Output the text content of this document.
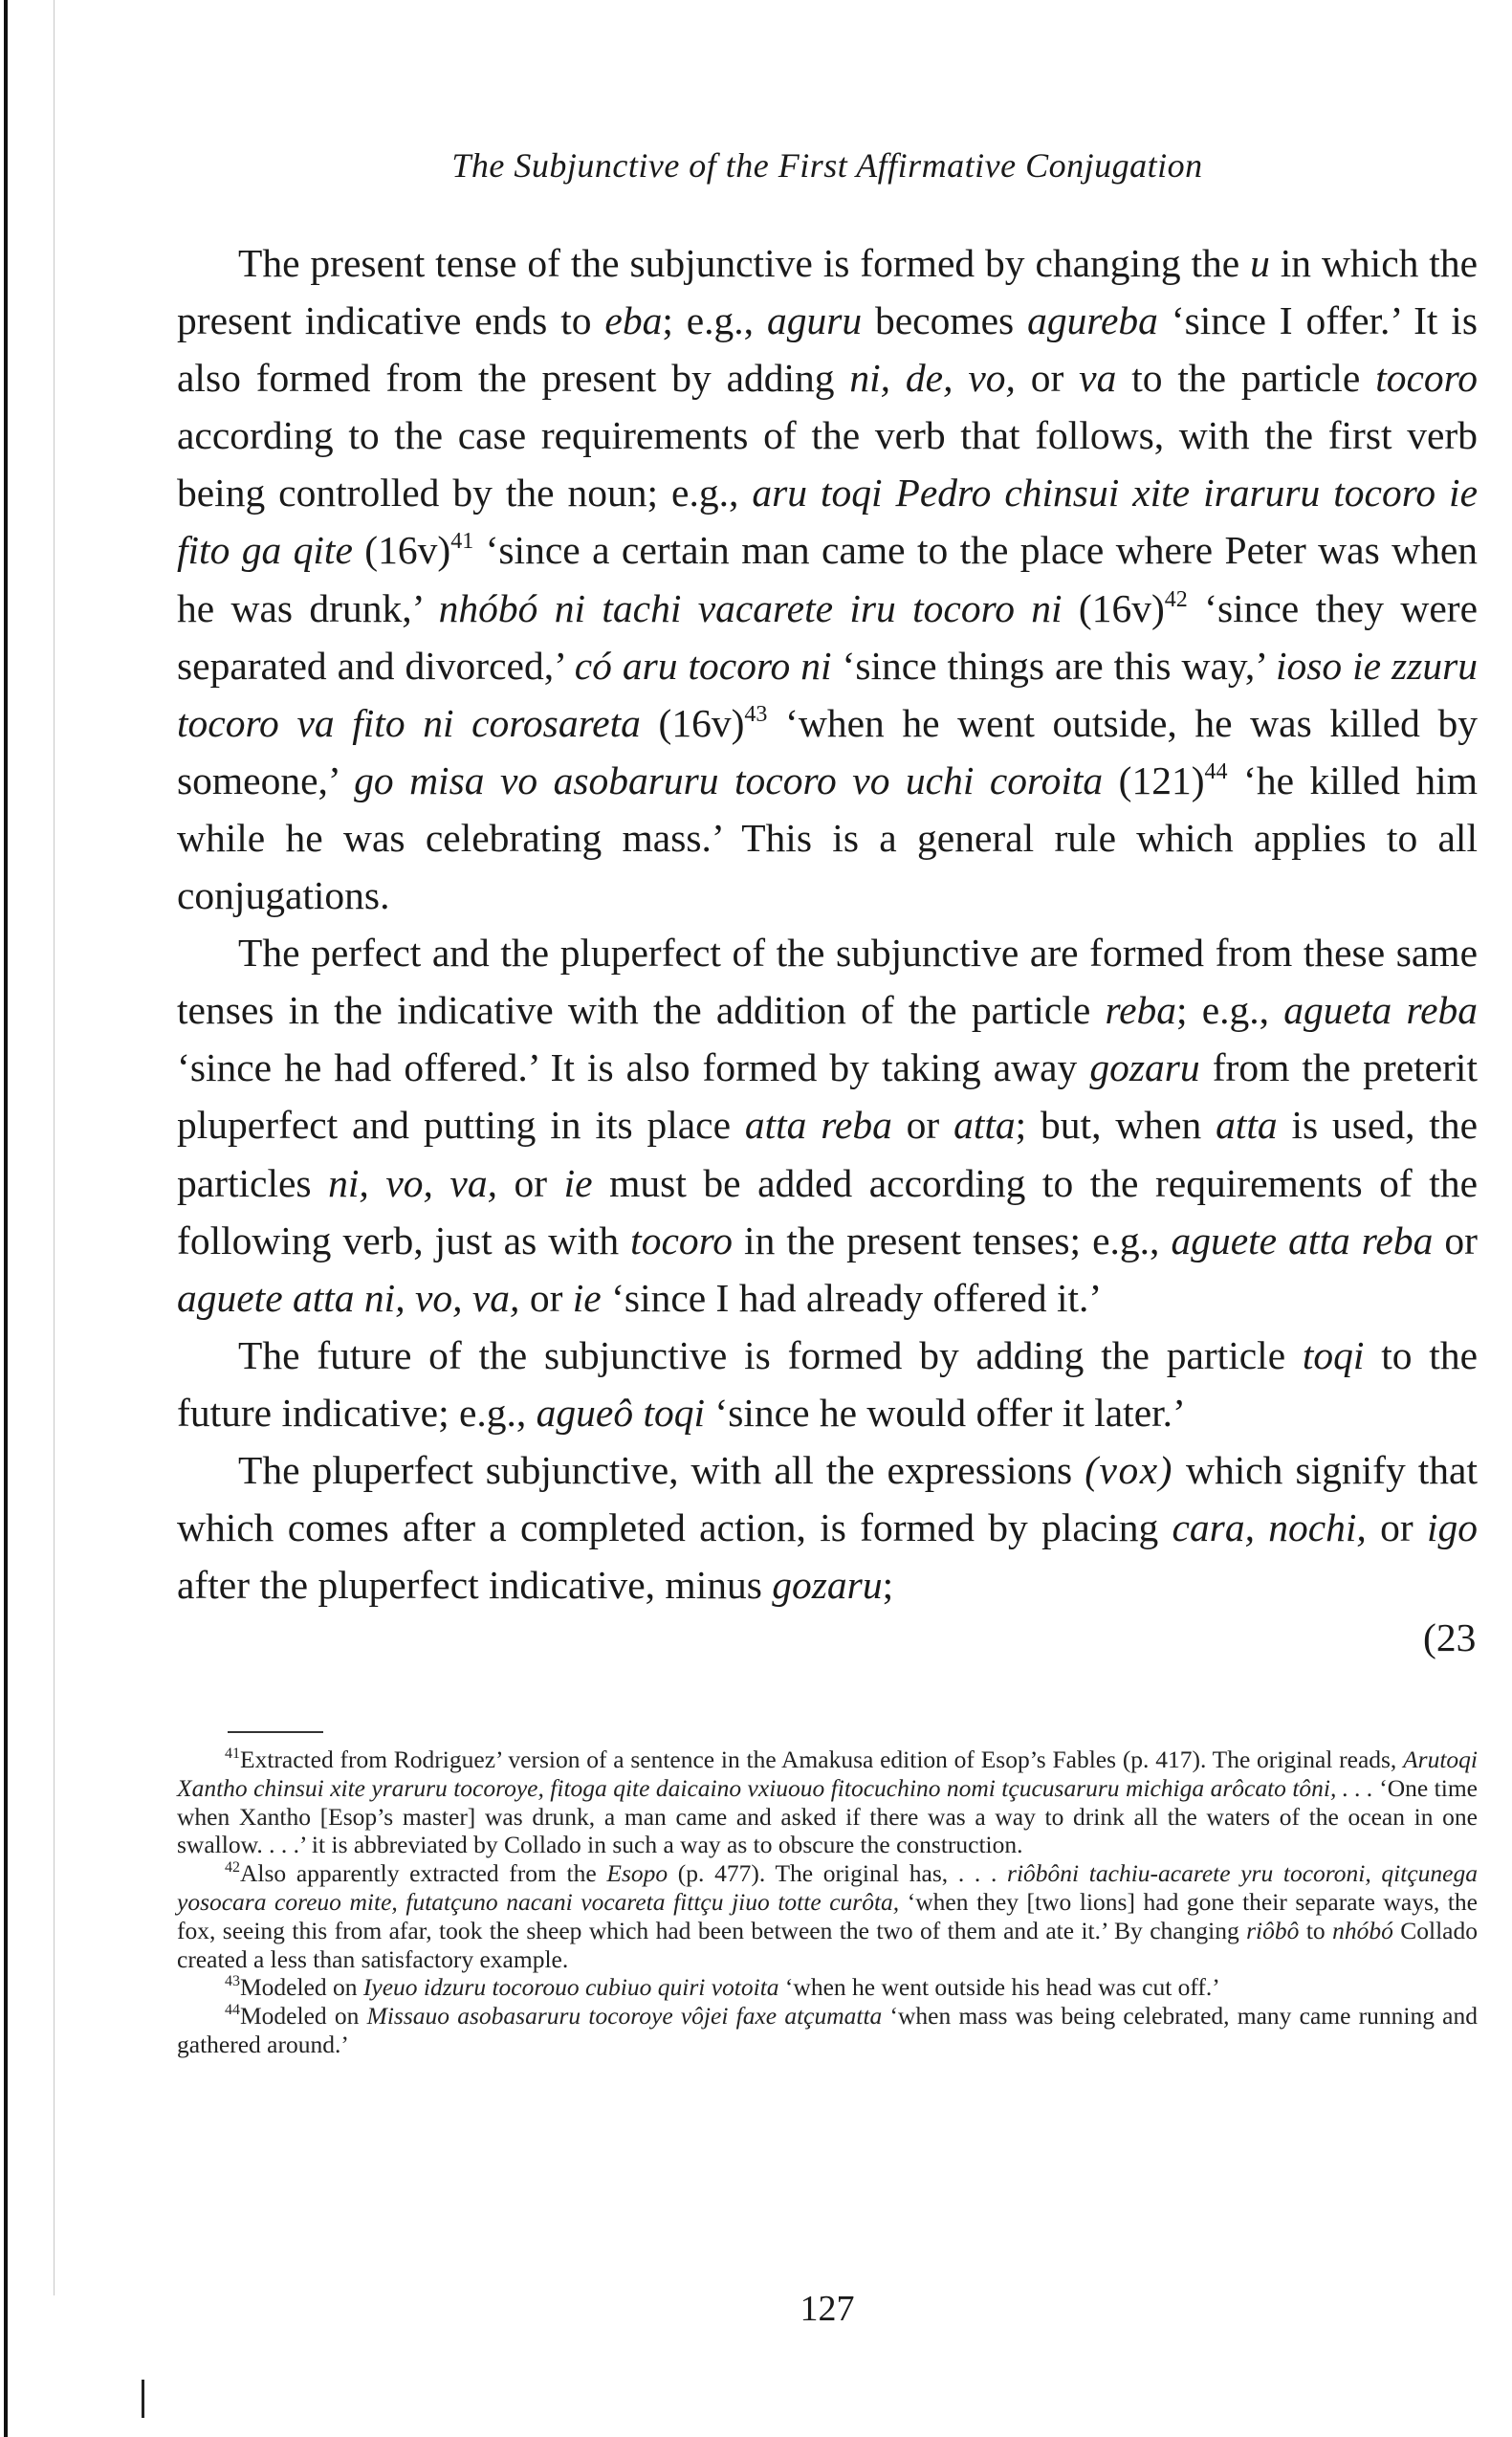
The Subjunctive of the First Affirmative Conjugation

The present tense of the subjunctive is formed by changing the u in which the present indicative ends to eba; e.g., aguru becomes agureba ‘since I offer.’ It is also formed from the present by adding ni, de, vo, or va to the particle tocoro according to the case requirements of the verb that follows, with the first verb being controlled by the noun; e.g., aru toqi Pedro chinsui xite iraruru tocoro ie fito ga qite $(16v)^{41}$ ‘since a certain man came to the place where Peter was when he was drunk,’ nhóbó ni tachi vacarete iru tocoro ni $(16v)^{42}$ ‘since they were separated and divorced,’ có aru tocoro ni ‘since things are this way,’ ioso ie zzuru tocoro va fito ni corosareta $(16v)^{43}$ ‘when he went outside, he was killed by someone,’ go misa vo asobaruru tocoro vo uchi coroita $(121)^{44}$ ‘he killed him while he was celebrating mass.’ This is a general rule which applies to all conjugations.

The perfect and the pluperfect of the subjunctive are formed from these same tenses in the indicative with the addition of the particle reba; e.g., agueta reba ‘since he had offered.’ It is also formed by taking away gozaru from the preterit pluperfect and putting in its place atta reba or atta; but, when atta is used, the particles ni, vo, va, or ie must be added according to the requirements of the following verb, just as with tocoro in the present tenses; e.g., aguete atta reba or aguete atta ni, vo, va, or ie ‘since I had already offered it.’

The future of the subjunctive is formed by adding the particle toqi to the future indicative; e.g., agueô toqi ‘since he would offer it later.’

The pluperfect subjunctive, with all the expressions (vox) which signify that which comes after a completed action, is formed by placing cara, nochi, or igo after the pluperfect indicative, minus gozaru;

(23

$^{41}$Extracted from Rodriguez’ version of a sentence in the Amakusa edition of Esop’s Fables (p. 417). The original reads, Arutoqi Xantho chinsui xite yraruru tocoroye, fitoga qite daicaino vxiuouo fitocuchino nomi tçucusaruru michiga arôcato tôni, . . . ‘One time when Xantho [Esop’s master] was drunk, a man came and asked if there was a way to drink all the waters of the ocean in one swallow. . . .’ it is abbreviated by Collado in such a way as to obscure the construction.

$^{42}$Also apparently extracted from the Esopo (p. 477). The original has, . . . riôbôni tachiu-acarete yru tocoroni, qitçunega yosocara coreuo mite, futatçuno nacani vocareta fittçu jiuo totte curôta, ‘when they [two lions] had gone their separate ways, the fox, seeing this from afar, took the sheep which had been between the two of them and ate it.’ By changing riôbô to nhóbó Collado created a less than satisfactory example.

$^{43}$Modeled on Iyeuo idzuru tocorouo cubiuo quiri votoita ‘when he went outside his head was cut off.’

$^{44}$Modeled on Missauo asobasaruru tocoroye vôjei faxe atçumatta ‘when mass was being celebrated, many came running and gathered around.’

127
